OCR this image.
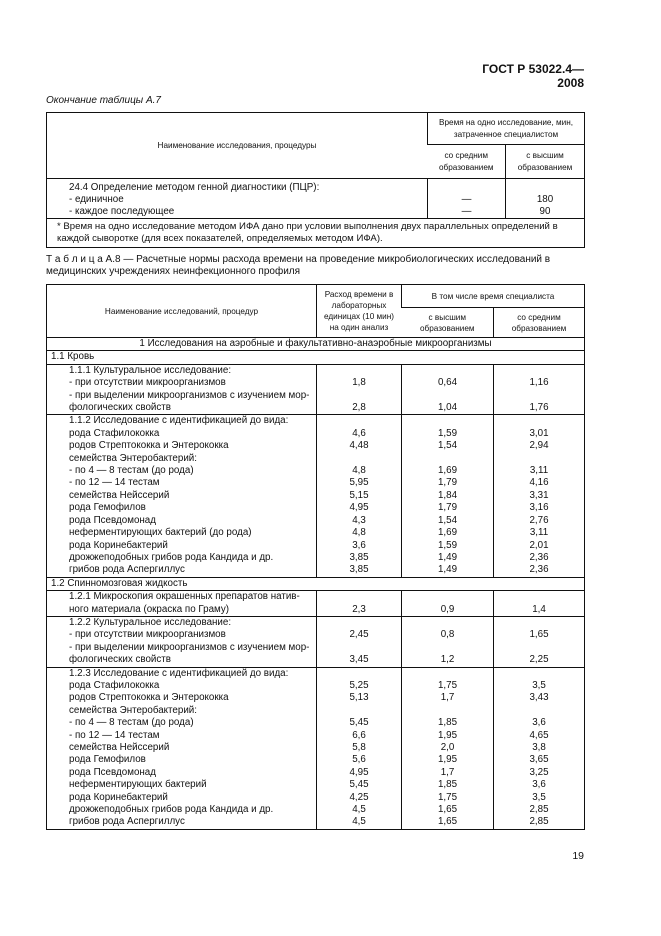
ГОСТ Р 53022.4—2008
Окончание таблицы А.7
Наименование исследования, процедуры	Время на одно исследование, мин, затраченное специалистом	
	со средним образованием	с высшим образованием
24.4 Определение методом генной диагностики (ПЦР):		
- единичное	—	180
- каждое последующее	—	90
* Время на одно исследование методом ИФА дано при условии выполнения двух параллельных определений в каждой сыворотке (для всех показателей, определяемых методом ИФА).		
Т а б л и ц а А.8 — Расчетные нормы расхода времени на проведение микробиологических исследований в медицинских учреждениях неинфекционного профиля
Наименование исследований, процедур	Расход времени в лабораторных единицах (10 мин) на один анализ	В том числе время специалиста	
		с высшим образованием	со средним образованием
1 Исследования на аэробные и факультативно-анаэробные микроорганизмы			
1.1 Кровь			
1.1.1 Культуральное исследование:			
- при отсутствии микроорганизмов	1,8	0,64	1,16
- при выделении микроорганизмов с изучением мор-			
фологических свойств	2,8	1,04	1,76
1.1.2 Исследование с идентификацией до вида:			
рода Стафилококка	4,6	1,59	3,01
родов Стрептококка и Энтерококка	4,48	1,54	2,94
семейства Энтеробактерий:			
- по 4 — 8 тестам (до рода)	4,8	1,69	3,11
- по 12 — 14 тестам	5,95	1,79	4,16
семейства Нейссерий	5,15	1,84	3,31
рода Гемофилов	4,95	1,79	3,16
рода Псевдомонад	4,3	1,54	2,76
неферментирующих бактерий (до рода)	4,8	1,69	3,11
рода Коринебактерий	3,6	1,59	2,01
дрожжеподобных грибов рода Кандида и др.	3,85	1,49	2,36
грибов рода Аспергиллус	3,85	1,49	2,36
1.2 Спинномозговая жидкость			
1.2.1 Микроскопия окрашенных препаратов натив-			
ного материала (окраска по Граму)	2,3	0,9	1,4
1.2.2 Культуральное исследование:			
- при отсутствии микроорганизмов	2,45	0,8	1,65
- при выделении микроорганизмов с изучением мор-			
фологических свойств	3,45	1,2	2,25
1.2.3 Исследование с идентификацией до вида:			
рода Стафилококка	5,25	1,75	3,5
родов Стрептококка и Энтерококка	5,13	1,7	3,43
семейства Энтеробактерий:			
- по 4 — 8 тестам (до рода)	5,45	1,85	3,6
- по 12 — 14 тестам	6,6	1,95	4,65
семейства Нейссерий	5,8	2,0	3,8
рода Гемофилов	5,6	1,95	3,65
рода Псевдомонад	4,95	1,7	3,25
неферментирующих бактерий	5,45	1,85	3,6
рода Коринебактерий	4,25	1,75	3,5
дрожжеподобных грибов рода Кандида и др.	4,5	1,65	2,85
грибов рода Аспергиллус	4,5	1,65	2,85
19
